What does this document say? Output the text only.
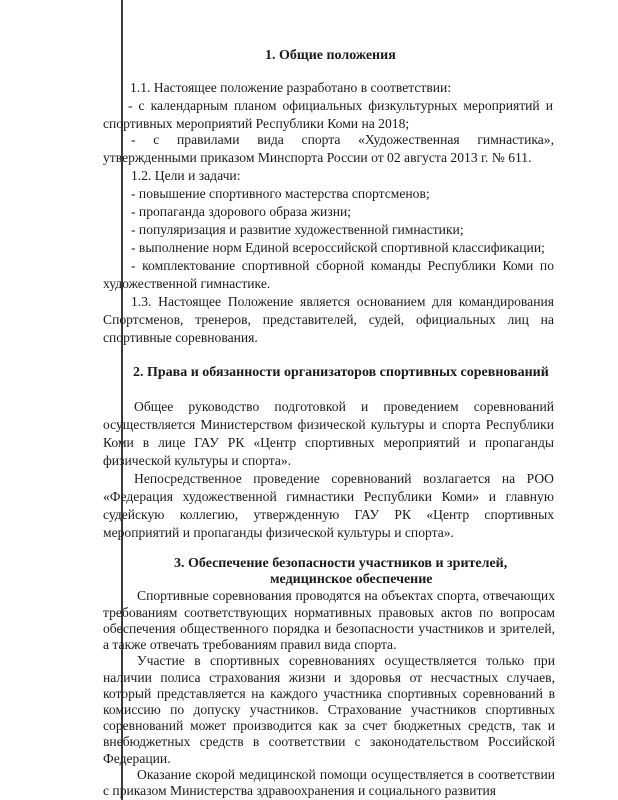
1. Общие положения
1.1. Настоящее положение разработано в соответствии:
- с календарным планом официальных физкультурных мероприятий и
спортивных мероприятий Республики Коми на 2018;
- с правилами вида спорта «Художественная гимнастика»,
утвержденными приказом Минспорта России от 02 августа 2013 г. № 611.
1.2. Цели и задачи:
- повышение спортивного мастерства спортсменов;
- пропаганда здорового образа жизни;
- популяризация и развитие художественной гимнастики;
- выполнение норм Единой всероссийской спортивной классификации;
- комплектование спортивной сборной команды Республики Коми по
художественной гимнастике.
1.3. Настоящее Положение является основанием для командирования
Спортсменов, тренеров, представителей, судей, официальных лиц на
спортивные соревнования.
2. Права и обязанности организаторов спортивных соревнований
Общее руководство подготовкой и проведением соревнований
осуществляется Министерством физической культуры и спорта Республики
Коми в лице ГАУ РК «Центр спортивных мероприятий и пропаганды
физической культуры и спорта».
Непосредственное проведение соревнований возлагается на РОО
«Федерация художественной гимнастики Республики Коми» и главную
судейскую коллегию, утвержденную ГАУ РК «Центр спортивных
мероприятий и пропаганды физической культуры и спорта».
3. Обеспечение безопасности участников и зрителей,
медицинское обеспечение
Спортивные соревнования проводятся на объектах спорта, отвечающих
требованиям соответствующих нормативных правовых актов по вопросам
обеспечения общественного порядка и безопасности участников и зрителей,
а также отвечать требованиям правил вида спорта.
Участие в спортивных соревнованиях осуществляется только при
наличии полиса страхования жизни и здоровья от несчастных случаев,
который представляется на каждого участника спортивных соревнований в
комиссию по допуску участников. Страхование участников спортивных
соревнований может производится как за счет бюджетных средств, так и
внебюджетных средств в соответствии с законодательством Российской
Федерации.
Оказание скорой медицинской помощи осуществляется в соответствии
с приказом Министерства здравоохранения и социального развития
